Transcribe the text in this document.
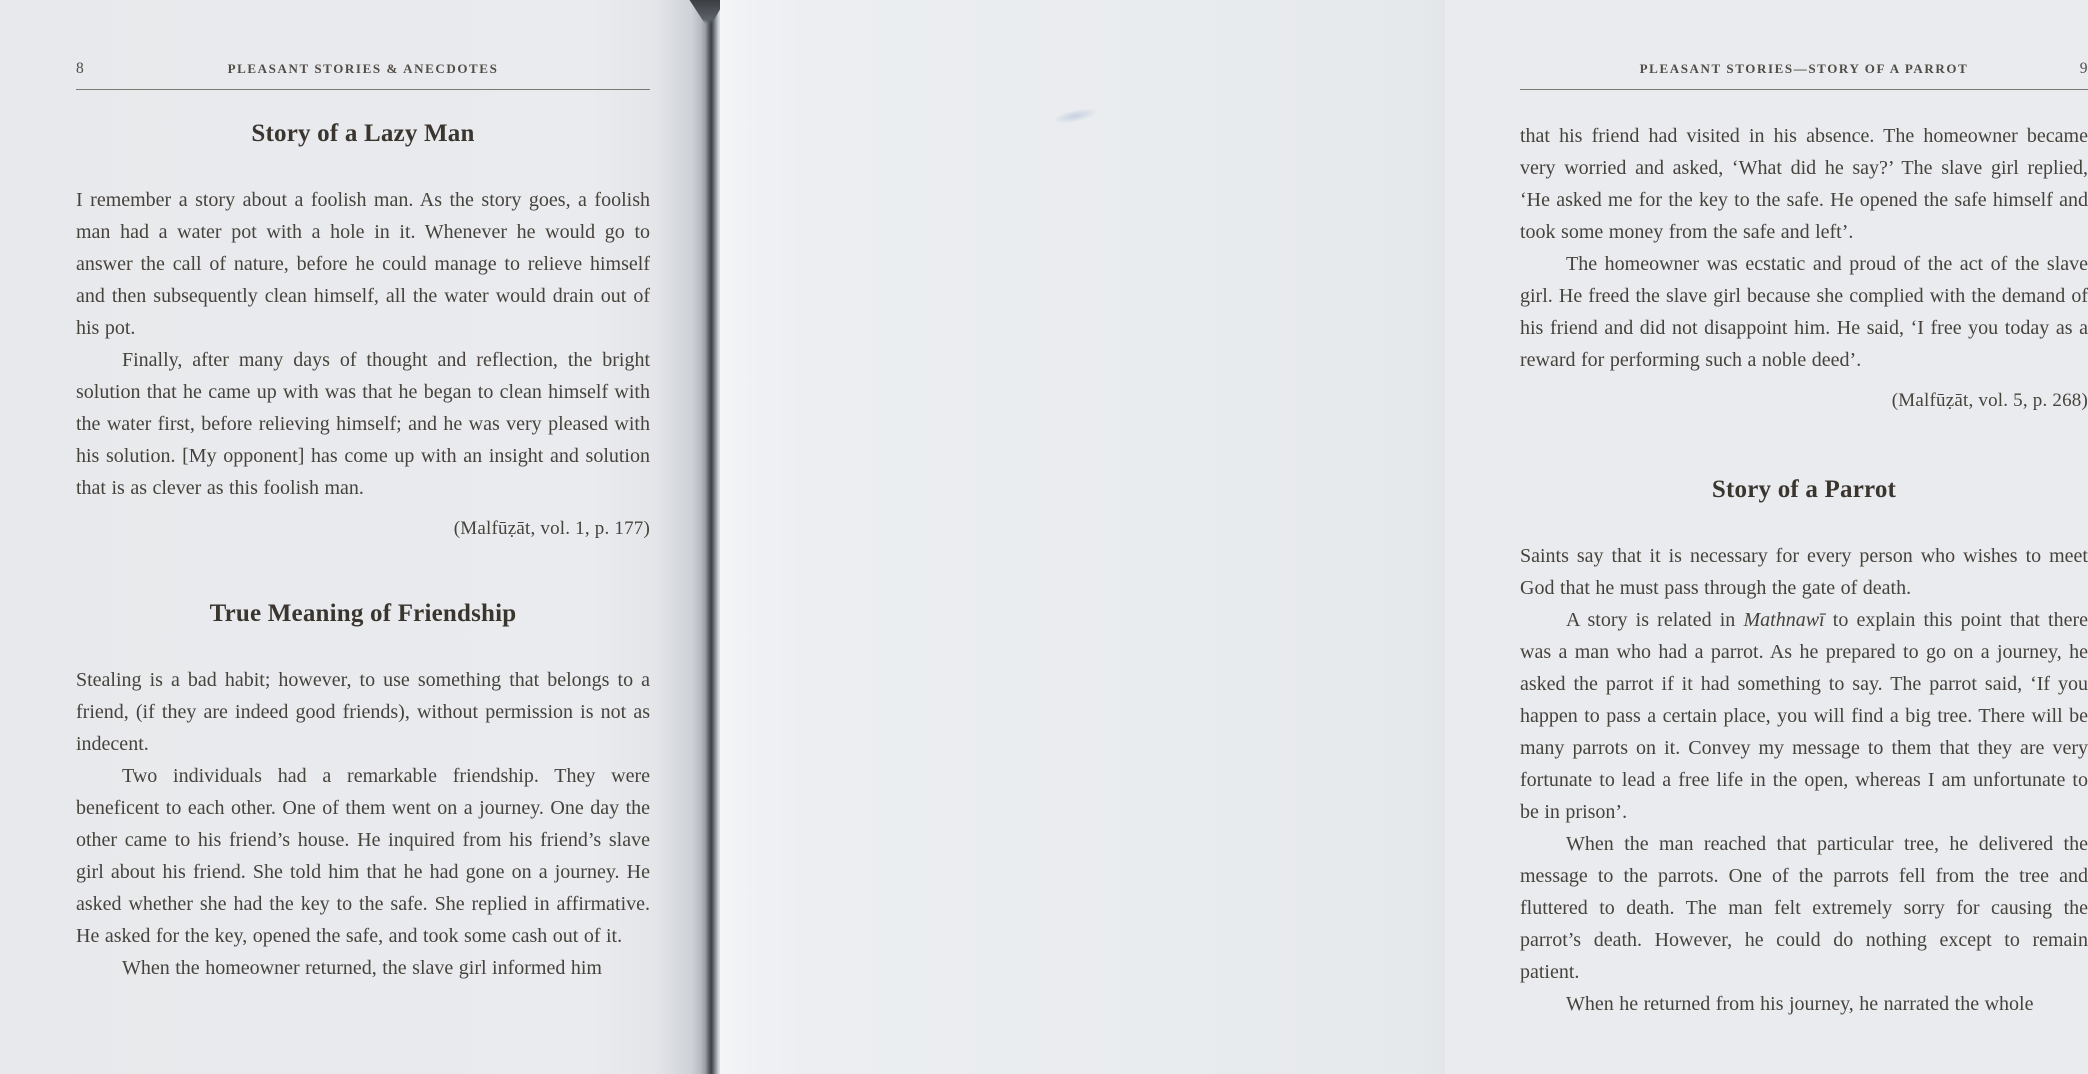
8	PLEASANT STORIES & ANECDOTES
Story of a Lazy Man

I remember a story about a foolish man. As the story goes, a foolish man had a water pot with a hole in it. Whenever he would go to answer the call of nature, before he could manage to relieve himself and then subsequently clean himself, all the water would drain out of his pot.

Finally, after many days of thought and reflection, the bright solution that he came up with was that he began to clean himself with the water first, before relieving himself; and he was very pleased with his solution. [My opponent] has come up with an insight and solution that is as clever as this foolish man.

(Malfūẓāt, vol. 1, p. 177)
True Meaning of Friendship

Stealing is a bad habit; however, to use something that belongs to a friend, (if they are indeed good friends), without permission is not as indecent.

Two individuals had a remarkable friendship. They were beneficent to each other. One of them went on a journey. One day the other came to his friend’s house. He inquired from his friend’s slave girl about his friend. She told him that he had gone on a journey. He asked whether she had the key to the safe. She replied in affirmative. He asked for the key, opened the safe, and took some cash out of it.

When the homeowner returned, the slave girl informed him

PLEASANT STORIES—STORY OF A PARROT	9

that his friend had visited in his absence. The homeowner became very worried and asked, ‘What did he say?’ The slave girl replied, ‘He asked me for the key to the safe. He opened the safe himself and took some money from the safe and left’.

The homeowner was ecstatic and proud of the act of the slave girl. He freed the slave girl because she complied with the demand of his friend and did not disappoint him. He said, ‘I free you today as a reward for performing such a noble deed’.

(Malfūẓāt, vol. 5, p. 268)
Story of a Parrot

Saints say that it is necessary for every person who wishes to meet God that he must pass through the gate of death.

A story is related in Mathnawī to explain this point that there was a man who had a parrot. As he prepared to go on a journey, he asked the parrot if it had something to say. The parrot said, ‘If you happen to pass a certain place, you will find a big tree. There will be many parrots on it. Convey my message to them that they are very fortunate to lead a free life in the open, whereas I am unfortunate to be in prison’.

When the man reached that particular tree, he delivered the message to the parrots. One of the parrots fell from the tree and fluttered to death. The man felt extremely sorry for causing the parrot’s death. However, he could do nothing except to remain patient.

When he returned from his journey, he narrated the whole
